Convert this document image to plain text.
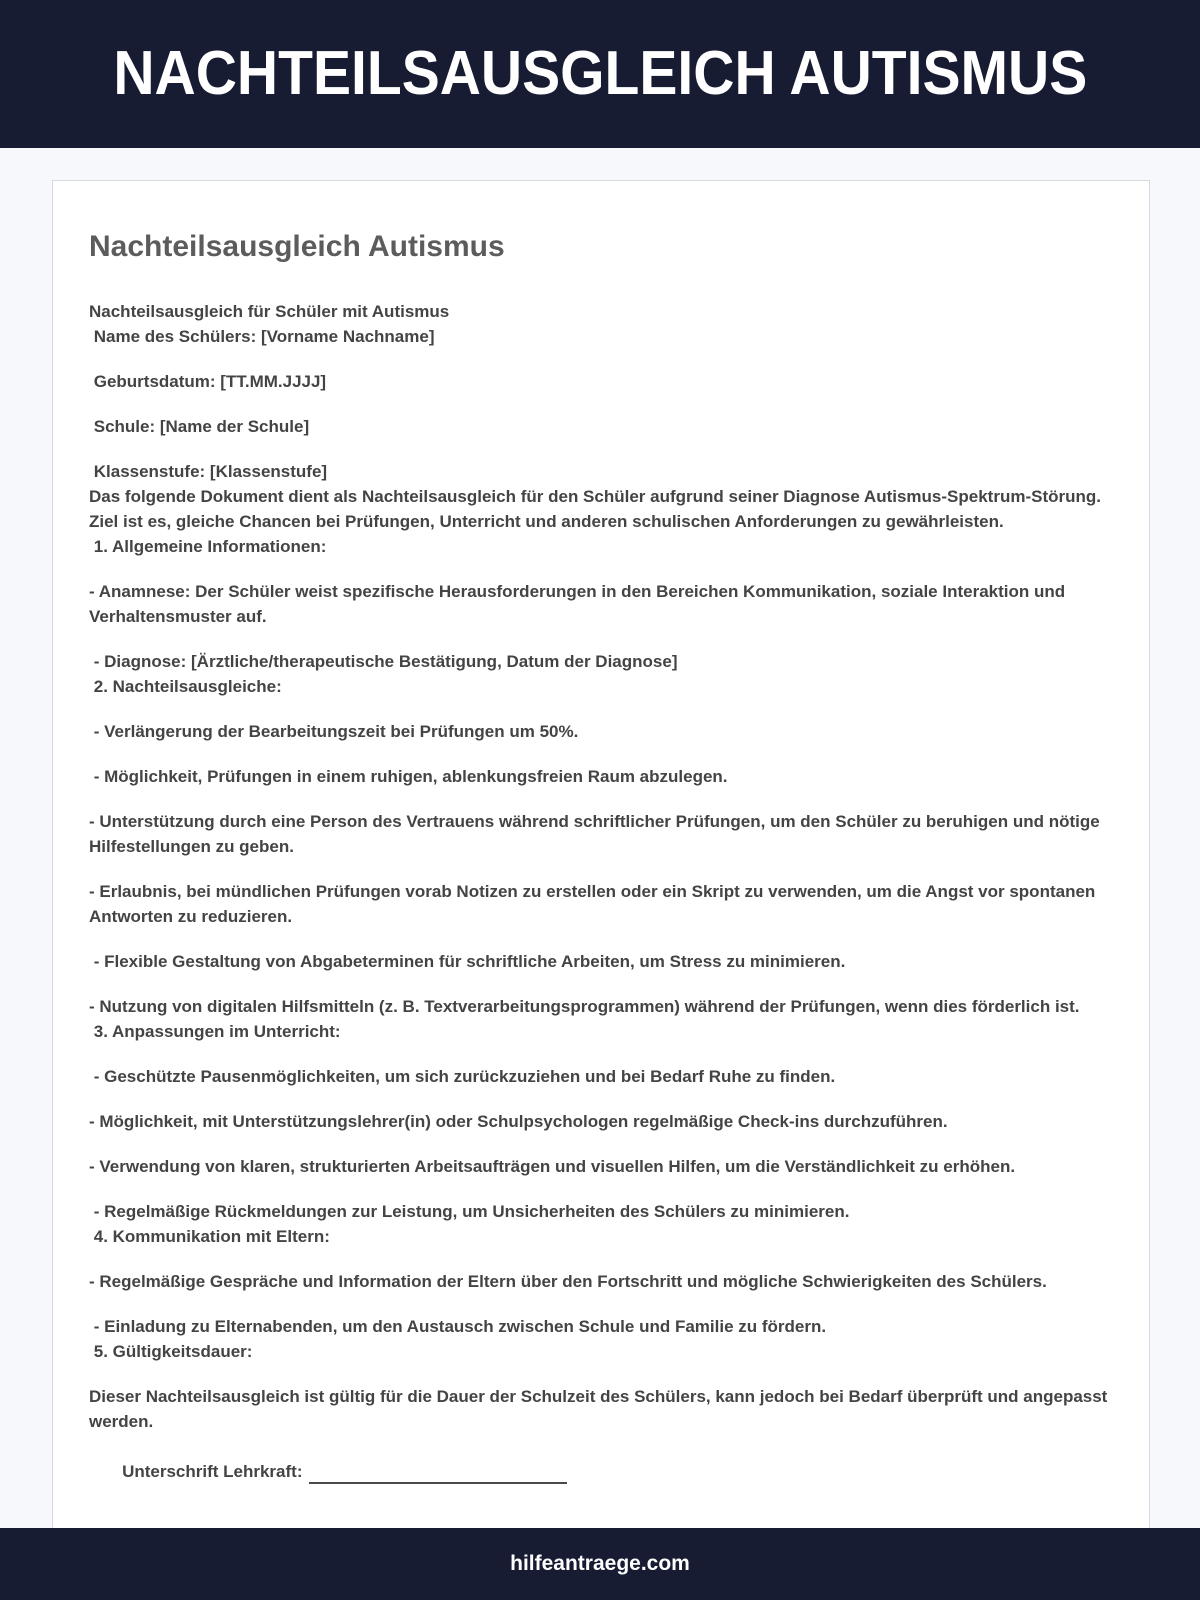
NACHTEILSAUSGLEICH AUTISMUS
Nachteilsausgleich Autismus

Nachteilsausgleich für Schüler mit Autismus

Name des Schülers: [Vorname Nachname]

Geburtsdatum: [TT.MM.JJJJ]

Schule: [Name der Schule]

Klassenstufe: [Klassenstufe]

Das folgende Dokument dient als Nachteilsausgleich für den Schüler aufgrund seiner Diagnose Autismus-Spektrum-Störung. Ziel ist es, gleiche Chancen bei Prüfungen, Unterricht und anderen schulischen Anforderungen zu gewährleisten.

1. Allgemeine Informationen:

- Anamnese: Der Schüler weist spezifische Herausforderungen in den Bereichen Kommunikation, soziale Interaktion und Verhaltensmuster auf.

- Diagnose: [Ärztliche/therapeutische Bestätigung, Datum der Diagnose]

2. Nachteilsausgleiche:

- Verlängerung der Bearbeitungszeit bei Prüfungen um 50%.

- Möglichkeit, Prüfungen in einem ruhigen, ablenkungsfreien Raum abzulegen.

- Unterstützung durch eine Person des Vertrauens während schriftlicher Prüfungen, um den Schüler zu beruhigen und nötige Hilfestellungen zu geben.

- Erlaubnis, bei mündlichen Prüfungen vorab Notizen zu erstellen oder ein Skript zu verwenden, um die Angst vor spontanen Antworten zu reduzieren.

- Flexible Gestaltung von Abgabeterminen für schriftliche Arbeiten, um Stress zu minimieren.

- Nutzung von digitalen Hilfsmitteln (z. B. Textverarbeitungsprogrammen) während der Prüfungen, wenn dies förderlich ist.

3. Anpassungen im Unterricht:

- Geschützte Pausenmöglichkeiten, um sich zurückzuziehen und bei Bedarf Ruhe zu finden.

- Möglichkeit, mit Unterstützungslehrer(in) oder Schulpsychologen regelmäßige Check-ins durchzuführen.

- Verwendung von klaren, strukturierten Arbeitsaufträgen und visuellen Hilfen, um die Verständlichkeit zu erhöhen.

- Regelmäßige Rückmeldungen zur Leistung, um Unsicherheiten des Schülers zu minimieren.

4. Kommunikation mit Eltern:

- Regelmäßige Gespräche und Information der Eltern über den Fortschritt und mögliche Schwierigkeiten des Schülers.

- Einladung zu Elternabenden, um den Austausch zwischen Schule und Familie zu fördern.

5. Gültigkeitsdauer:

Dieser Nachteilsausgleich ist gültig für die Dauer der Schulzeit des Schülers, kann jedoch bei Bedarf überprüft und angepasst werden.

Unterschrift Lehrkraft:

hilfeantraege.com
